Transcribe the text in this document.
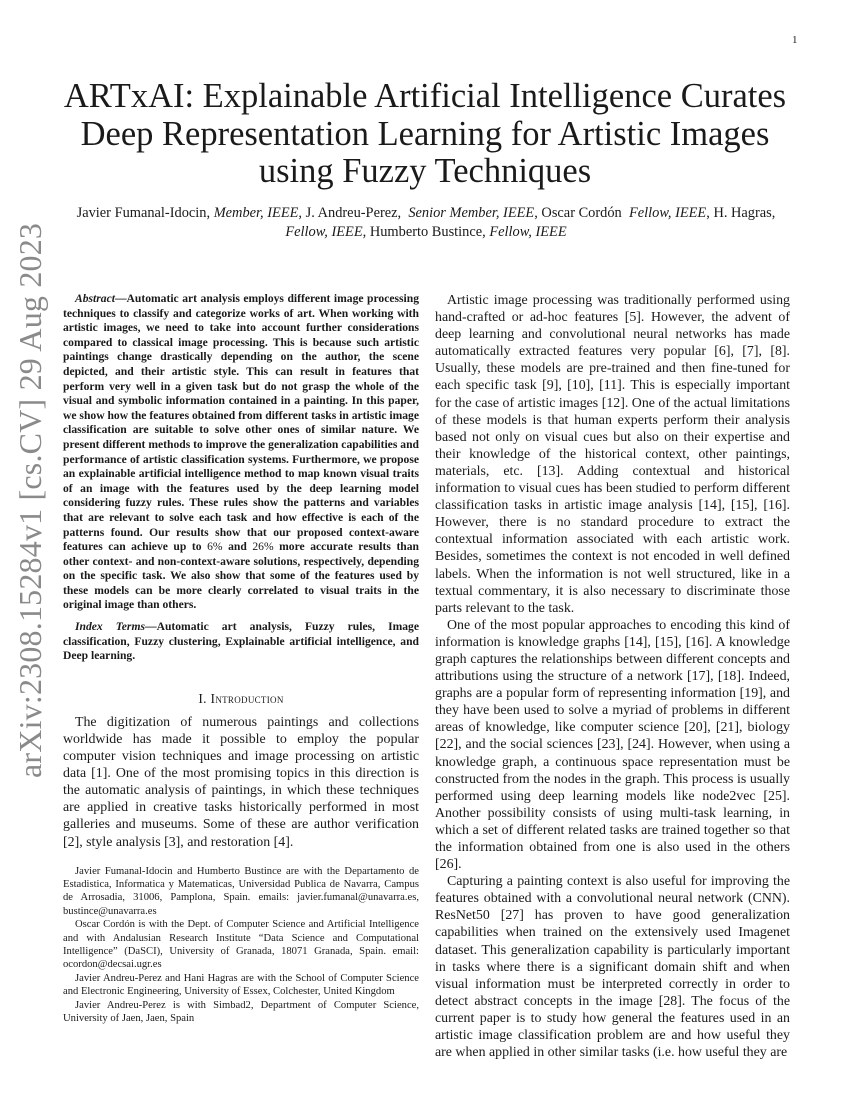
1
arXiv:2308.15284v1 [cs.CV] 29 Aug 2023
ARTxAI: Explainable Artificial Intelligence Curates
Deep Representation Learning for Artistic Images
using Fuzzy Techniques
Javier Fumanal-Idocin, Member, IEEE, J. Andreu-Perez,  Senior Member, IEEE, Oscar Cordón Fellow, IEEE, H. Hagras, Fellow, IEEE, Humberto Bustince, Fellow, IEEE

Abstract—Automatic art analysis employs different image processing techniques to classify and categorize works of art. When working with artistic images, we need to take into account further considerations compared to classical image processing. This is because such artistic paintings change drastically depending on the author, the scene depicted, and their artistic style. This can result in features that perform very well in a given task but do not grasp the whole of the visual and symbolic information contained in a painting. In this paper, we show how the features obtained from different tasks in artistic image classification are suitable to solve other ones of similar nature. We present different methods to improve the generalization capabilities and performance of artistic classification systems. Furthermore, we propose an explainable artificial intelligence method to map known visual traits of an image with the features used by the deep learning model considering fuzzy rules. These rules show the patterns and variables that are relevant to solve each task and how effective is each of the patterns found. Our results show that our proposed context-aware features can achieve up to 6% and 26% more accurate results than other context- and non-context-aware solutions, respectively, depending on the specific task. We also show that some of the features used by these models can be more clearly correlated to visual traits in the original image than others.

Index Terms—Automatic art analysis, Fuzzy rules, Image classification, Fuzzy clustering, Explainable artificial intelligence, and Deep learning.

I. Introduction

The digitization of numerous paintings and collections worldwide has made it possible to employ the popular computer vision techniques and image processing on artistic data [1]. One of the most promising topics in this direction is the automatic analysis of paintings, in which these techniques are applied in creative tasks historically performed in most galleries and museums. Some of these are author verification [2], style analysis [3], and restoration [4].

Javier Fumanal-Idocin and Humberto Bustince are with the Departamento de Estadistica, Informatica y Matematicas, Universidad Publica de Navarra, Campus de Arrosadia, 31006, Pamplona, Spain. emails: javier.fumanal@unavarra.es, bustince@unavarra.es

Oscar Cordón is with the Dept. of Computer Science and Artificial Intelligence and with Andalusian Research Institute “Data Science and Computational Intelligence” (DaSCI), University of Granada, 18071 Granada, Spain. email: ocordon@decsai.ugr.es

Javier Andreu-Perez and Hani Hagras are with the School of Computer Science and Electronic Engineering, University of Essex, Colchester, United Kingdom

Javier Andreu-Perez is with Simbad2, Department of Computer Science, University of Jaen, Jaen, Spain

Artistic image processing was traditionally performed using hand-crafted or ad-hoc features [5]. However, the advent of deep learning and convolutional neural networks has made automatically extracted features very popular [6], [7], [8]. Usually, these models are pre-trained and then fine-tuned for each specific task [9], [10], [11]. This is especially important for the case of artistic images [12]. One of the actual limitations of these models is that human experts perform their analysis based not only on visual cues but also on their expertise and their knowledge of the historical context, other paintings, materials, etc. [13]. Adding contextual and historical information to visual cues has been studied to perform different classification tasks in artistic image analysis [14], [15], [16]. However, there is no standard procedure to extract the contextual information associated with each artistic work. Besides, sometimes the context is not encoded in well defined labels. When the information is not well structured, like in a textual commentary, it is also necessary to discriminate those parts relevant to the task.

One of the most popular approaches to encoding this kind of information is knowledge graphs [14], [15], [16]. A knowledge graph captures the relationships between different concepts and attributions using the structure of a network [17], [18]. Indeed, graphs are a popular form of representing information [19], and they have been used to solve a myriad of problems in different areas of knowledge, like computer science [20], [21], biology [22], and the social sciences [23], [24]. However, when using a knowledge graph, a continuous space representation must be constructed from the nodes in the graph. This process is usually performed using deep learning models like node2vec [25]. Another possibility consists of using multi-task learning, in which a set of different related tasks are trained together so that the information obtained from one is also used in the others [26].

Capturing a painting context is also useful for improving the features obtained with a convolutional neural network (CNN). ResNet50 [27] has proven to have good generalization capabilities when trained on the extensively used Imagenet dataset. This generalization capability is particularly important in tasks where there is a significant domain shift and when visual information must be interpreted correctly in order to detect abstract concepts in the image [28]. The focus of the current paper is to study how general the features used in an artistic image classification problem are and how useful they are when applied in other similar tasks (i.e. how useful they are
